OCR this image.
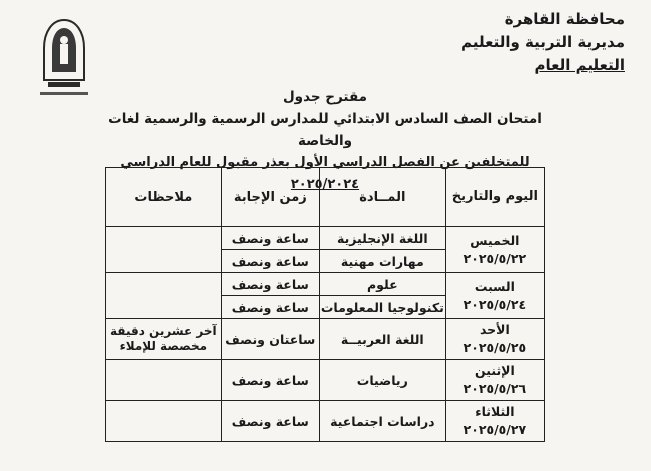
محافظة القاهرة
مديرية التربية والتعليم
التعليم العام
مقترح جدول
امتحان الصف السادس الابتدائي للمدارس الرسمية والرسمية لغات والخاصة
للمتخلفين عن الفصل الدراسي الأول بعذر مقبول للعام الدراسي ٢٠٢٥/٢٠٢٤
اليوم والتاريخ	المــادة	زمن الإجابة	ملاحظات

الخميس
٢٠٢٥/٥/٢٢	اللغة الإنجليزية	ساعة ونصف	
	مهارات مهنية	ساعة ونصف	

السبت
٢٠٢٥/٥/٢٤	علوم	ساعة ونصف	
	تكنولوجيا المعلومات	ساعة ونصف	

الأحد
٢٠٢٥/٥/٢٥	اللغة العربيــة	ساعتان ونصف	آخر عشرين دقيقة مخصصة للإملاء

الإثنين
٢٠٢٥/٥/٢٦	رياضيات	ساعة ونصف	

الثلاثاء
٢٠٢٥/٥/٢٧	دراسات اجتماعية	ساعة ونصف	
